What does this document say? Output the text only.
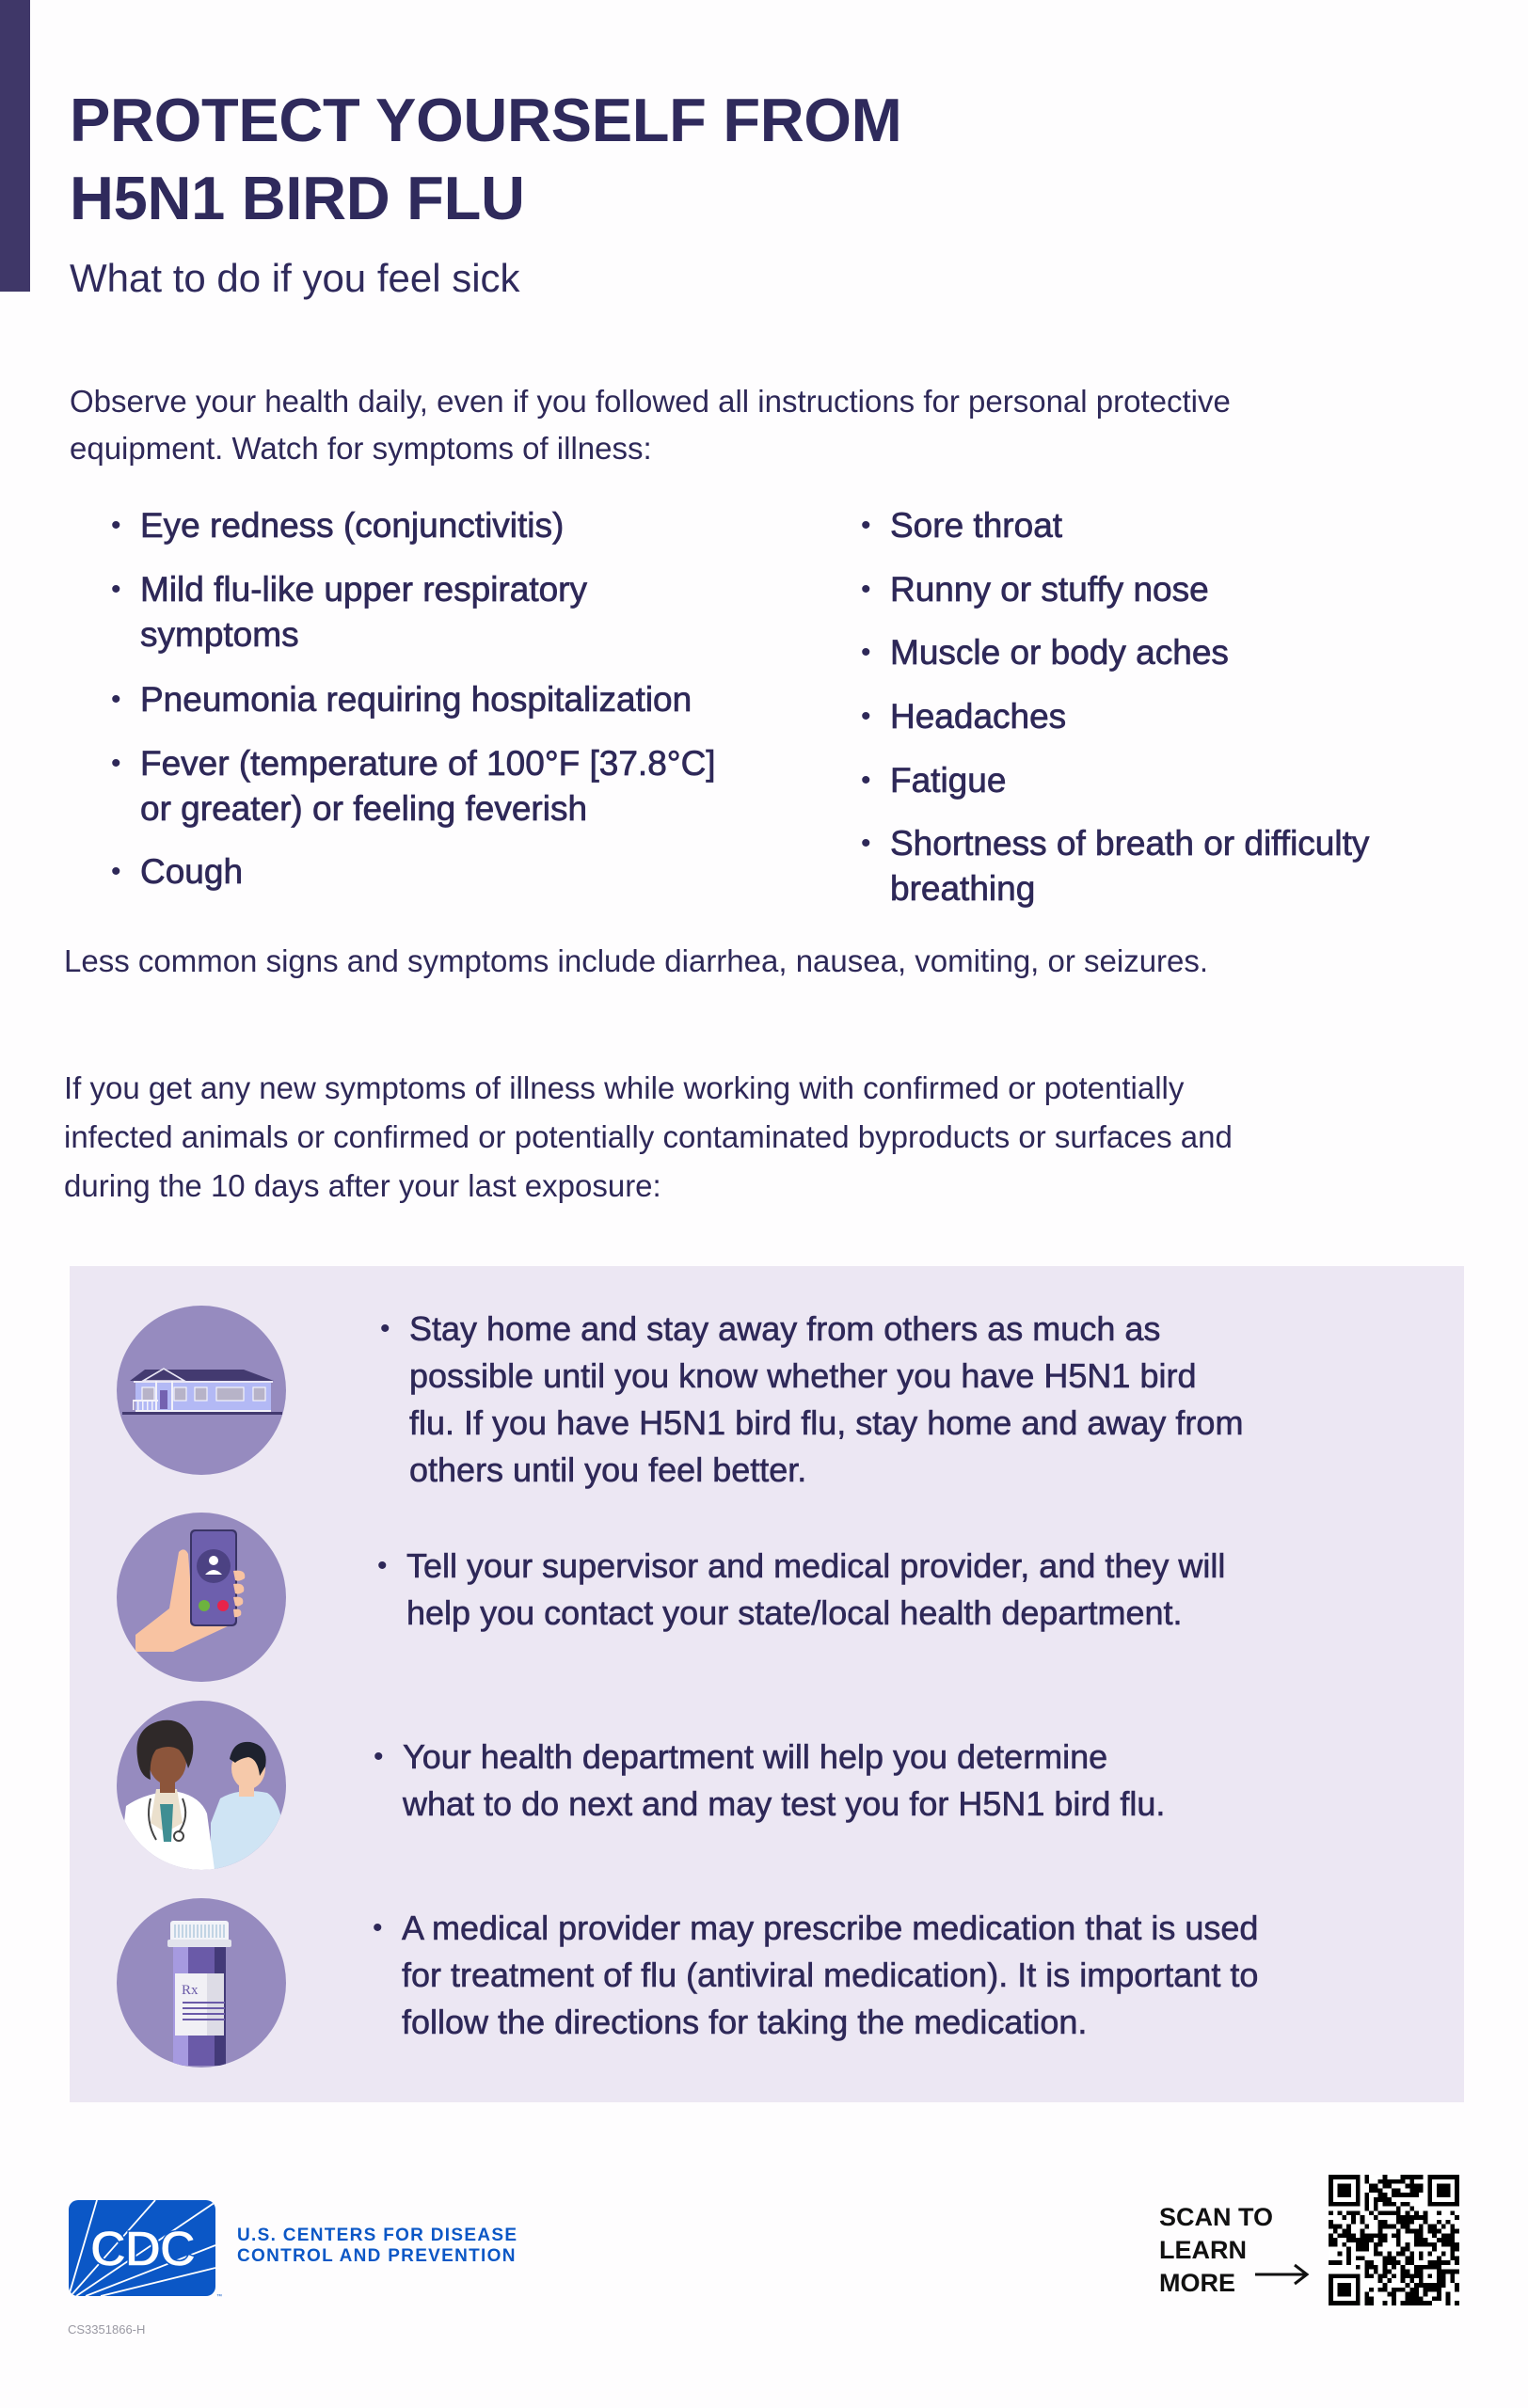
PROTECT YOURSELF FROM
H5N1 BIRD FLU
What to do if you feel sick
Observe your health daily, even if you followed all instructions for personal protective
equipment. Watch for symptoms of illness:
• Eye redness (conjunctivitis)
• Mild flu-like upper respiratory
symptoms
• Pneumonia requiring hospitalization
• Fever (temperature of 100°F [37.8°C]
or greater) or feeling feverish
• Cough
• Sore throat
• Runny or stuffy nose
• Muscle or body aches
• Headaches
• Fatigue
• Shortness of breath or difficulty
breathing
Less common signs and symptoms include diarrhea, nausea, vomiting, or seizures.
If you get any new symptoms of illness while working with confirmed or potentially
infected animals or confirmed or potentially contaminated byproducts or surfaces and
during the 10 days after your last exposure:
Rx
• Stay home and stay away from others as much as
possible until you know whether you have H5N1 bird
flu. If you have H5N1 bird flu, stay home and away from
others until you feel better.
• Tell your supervisor and medical provider, and they will
help you contact your state/local health department.
• Your health department will help you determine
what to do next and may test you for H5N1 bird flu.
• A medical provider may prescribe medication that is used
for treatment of flu (antiviral medication). It is important to
follow the directions for taking the medication.
CDC
™
U.S. CENTERS FOR DISEASE
CONTROL AND PREVENTION
CS3351866-H
SCAN TO
LEARN
MORE
